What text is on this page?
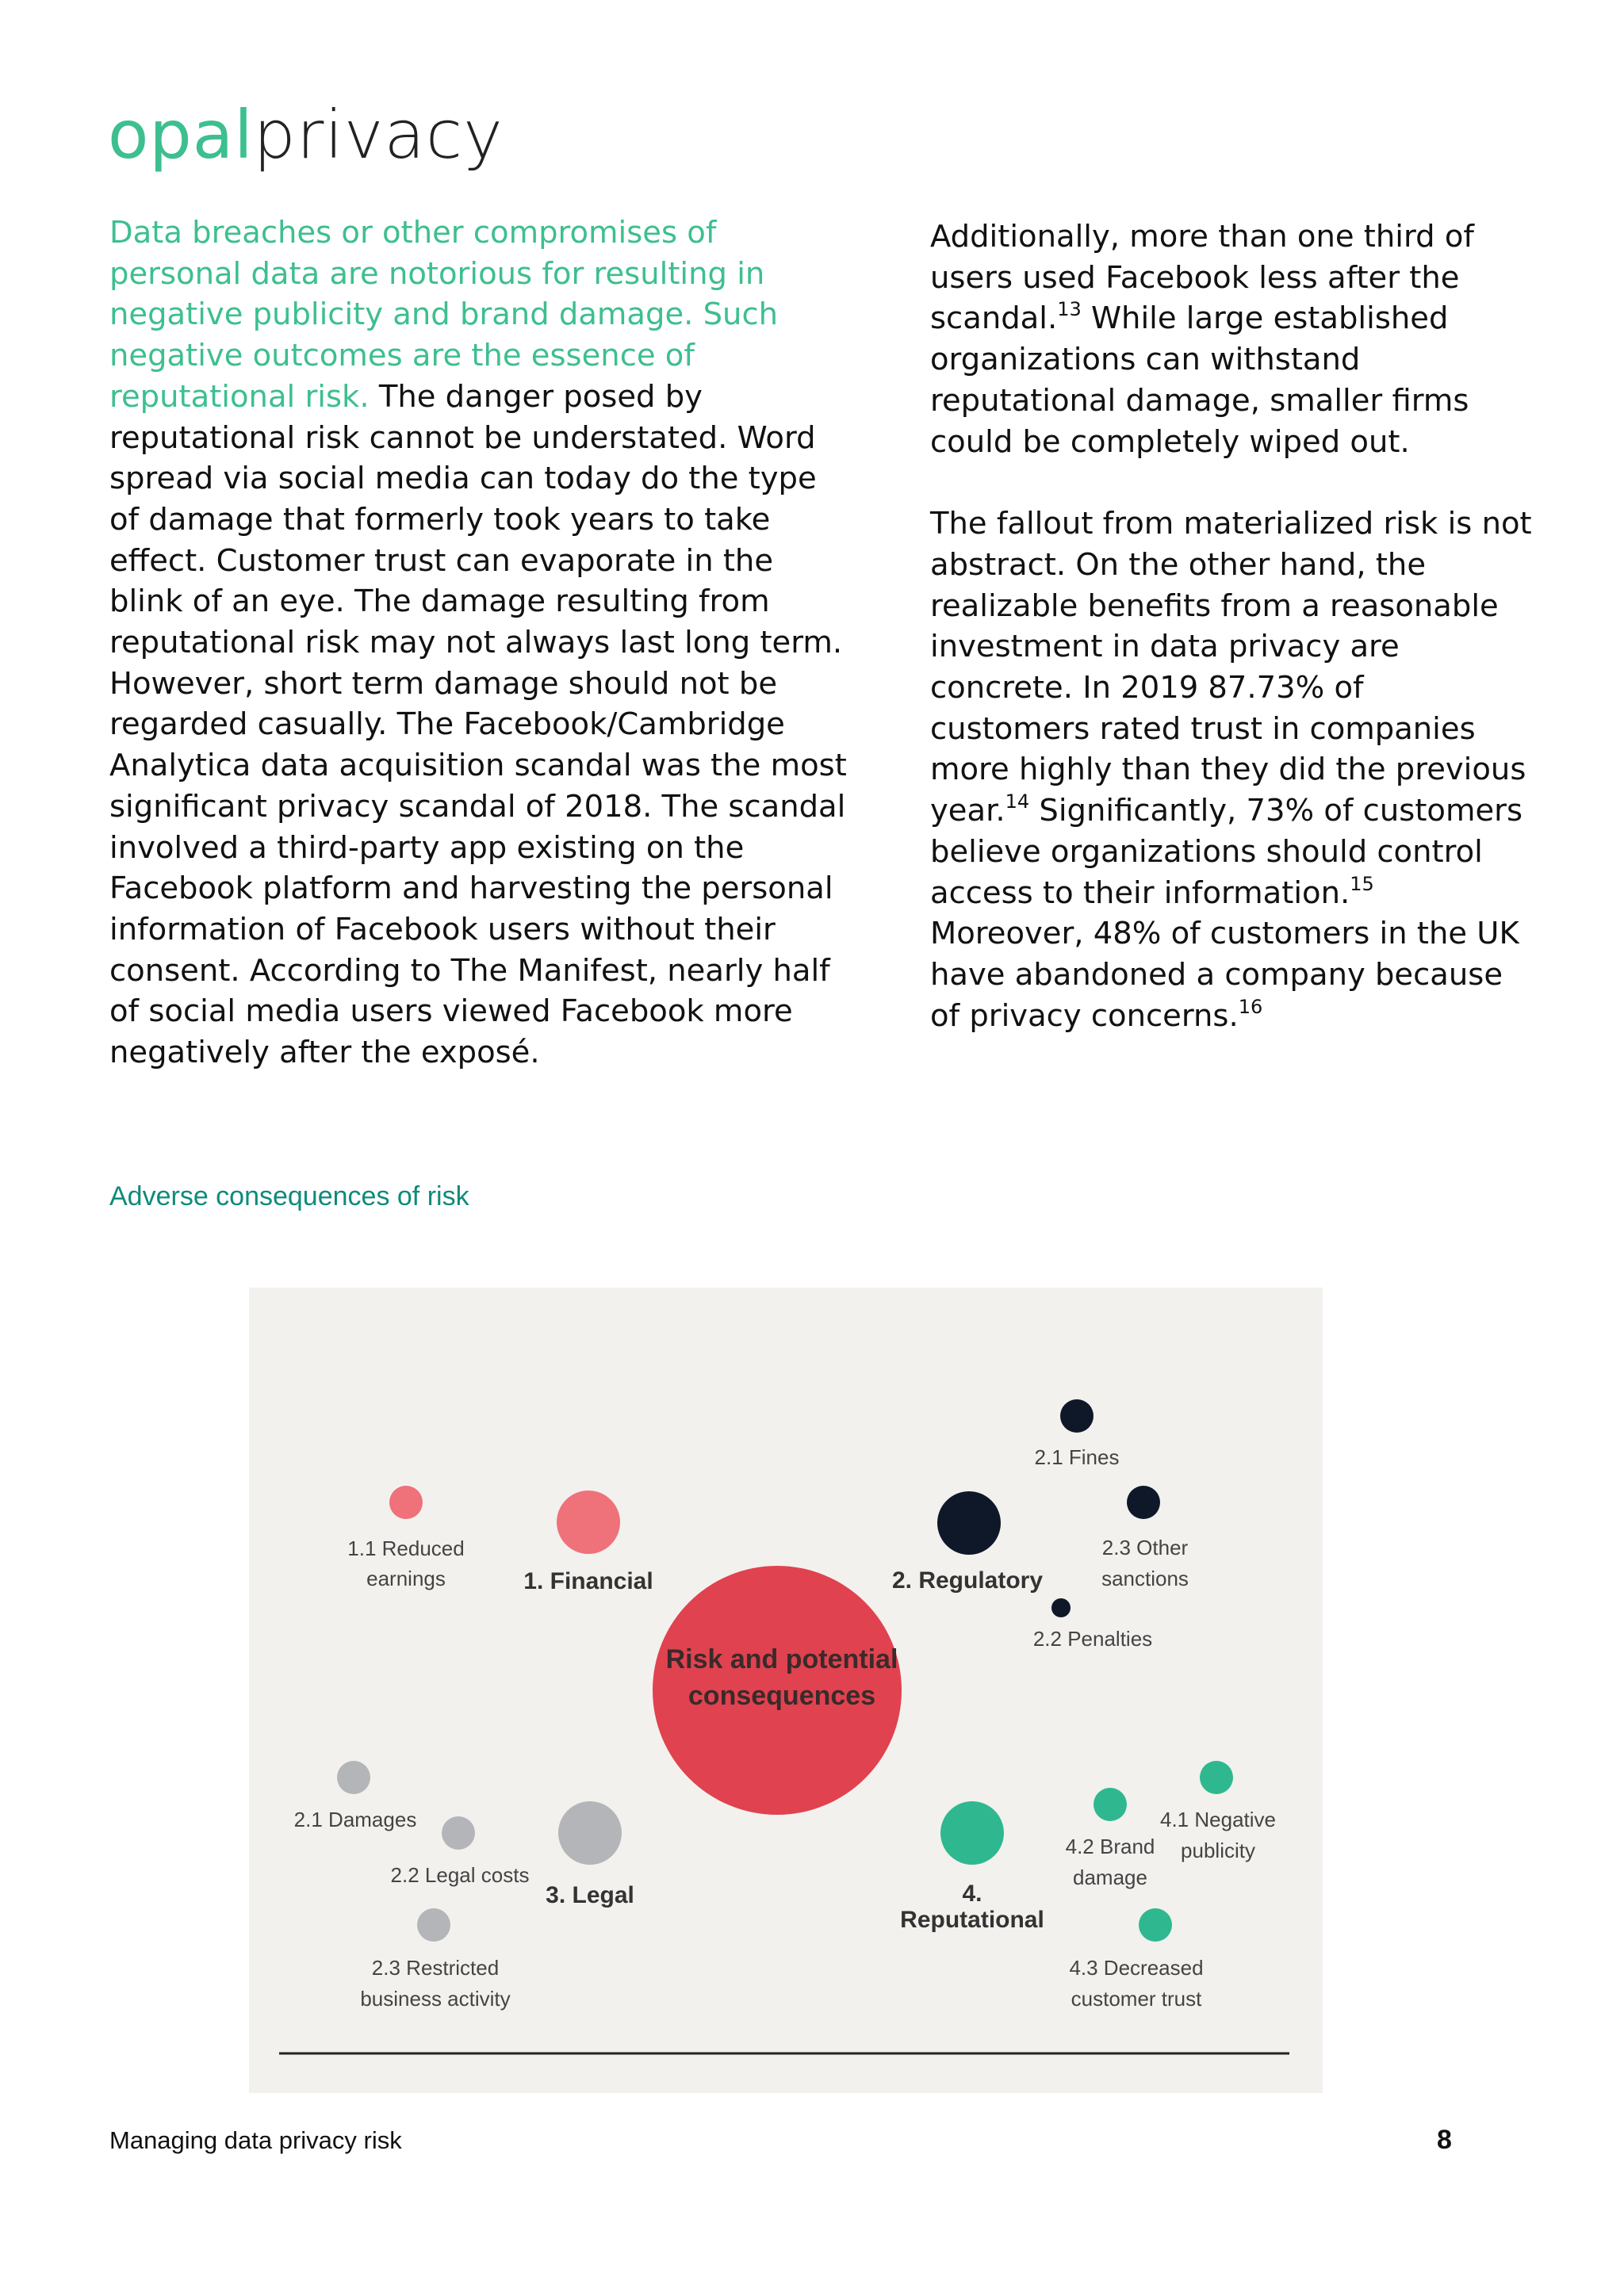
opalprivacy
Data breaches or other compromises of personal data are notorious for resulting in negative publicity and brand damage. Such negative outcomes are the essence of reputational risk. The danger posed by reputational risk cannot be understated. Word spread via social media can today do the type of damage that formerly took years to take effect. Customer trust can evaporate in the blink of an eye. The damage resulting from reputational risk may not always last long term. However, short term damage should not be regarded casually. The Facebook/Cambridge Analytica data acquisition scandal was the most significant privacy scandal of 2018. The scandal involved a third-party app existing on the Facebook platform and harvesting the personal information of Facebook users without their consent. According to The Manifest, nearly half of social media users viewed Facebook more negatively after the exposé.
Additionally, more than one third of users used Facebook less after the scandal.$^{13}$ While large established organizations can withstand reputational damage, smaller firms could be completely wiped out.
The fallout from materialized risk is not abstract. On the other hand, the realizable benefits from a reasonable investment in data privacy are concrete. In 2019 87.73% of customers rated trust in companies more highly than they did the previous year.$^{14}$ Significantly, 73% of customers believe organizations should control access to their information.$^{15}$ Moreover, 48% of customers in the UK have abandoned a company because of privacy concerns.$^{16}$
Adverse consequences of risk
Risk and potential
consequences
1. Financial
1.1 Reduced
earnings	2. Regulatory
2.1 Fines
2.3 Other
sanctions
2.2 Penalties
3. Legal
2.1 Damages
2.2 Legal costs
2.3 Restricted
business activity
4.
Reputational
4.1 Negative
publicity
4.2 Brand
damage
4.3 Decreased
customer trust
Managing data privacy risk	8
